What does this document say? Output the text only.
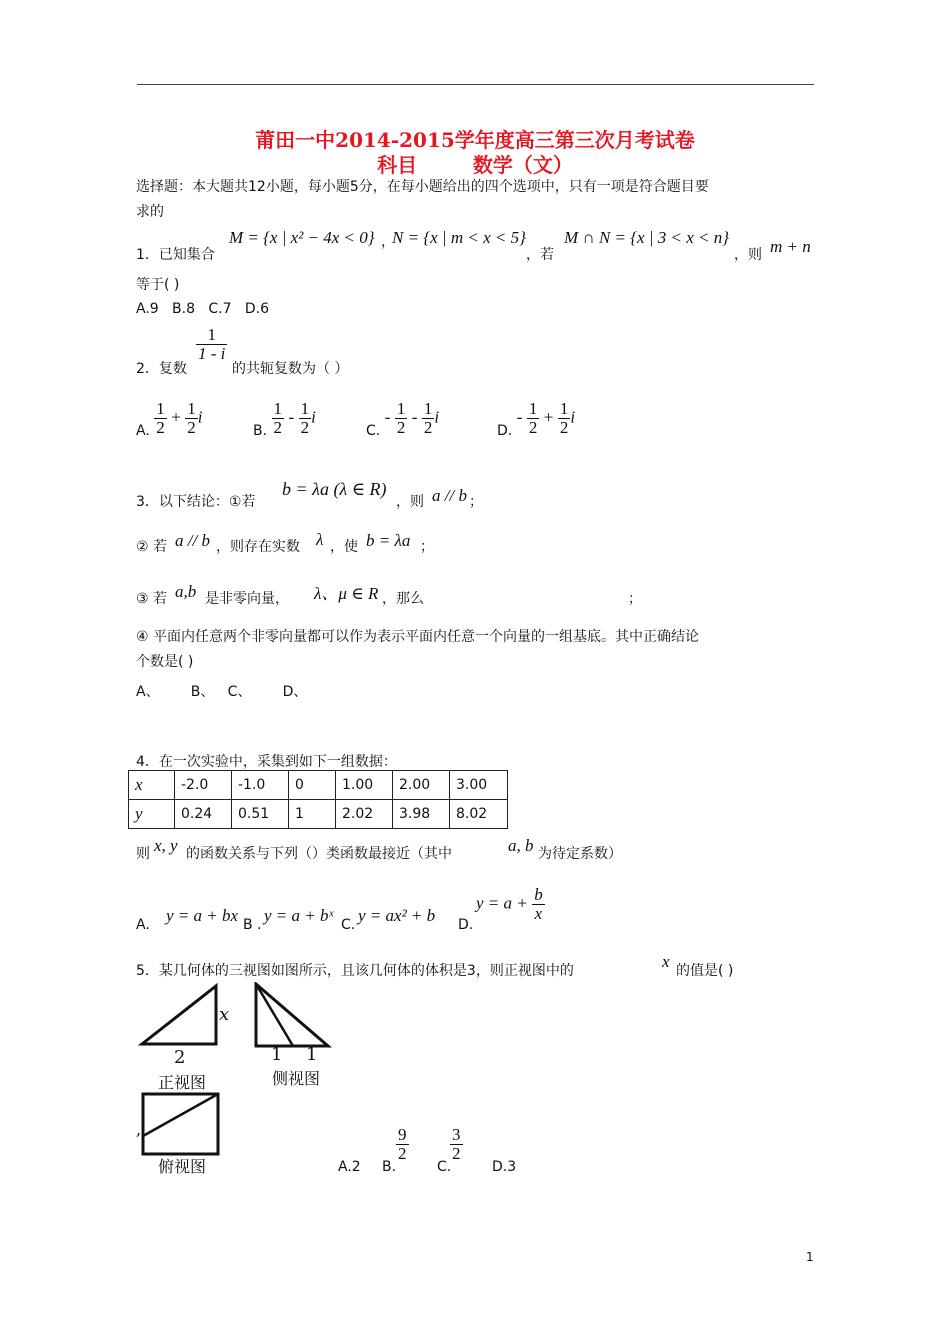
莆田一中2014-2015学年度高三第三次月考试卷
科目        数学（文）
选择题：本大题共12小题，每小题5分，在每小题给出的四个选项中，只有一项是符合题目要
求的
1．已知集合
M = {x | x² − 4x < 0} ，
N = {x | m < x < 5}
，若
M ∩ N = {x | 3 < x < n}
，则 m + n
等于( )
A.9   B.8   C.7   D.6
2．复数
$\frac{1}{1 - i}$
的共轭复数为（ ）
A. $\frac{1}{2} + \frac{1}{2}$ i
B. $\frac{1}{2} - \frac{1}{2}$ i
C. - $\frac{1}{2} - \frac{1}{2}$ i
D. - $\frac{1}{2} + \frac{1}{2}$ i
3．以下结论：①若
b = λa (λ ∈ R)
，则 a // b ；
② 若 a // b ，则存在实数 λ ，使 b = λa ；
③ 若 a,b 是非零向量， λ、μ ∈ R ，那么	；
④ 平面内任意两个非零向量都可以作为表示平面内任意一个向量的一组基底。其中正确结论
个数是( )
A、       B、   C、       D、
4．在一次实验中，采集到如下一组数据：
x	-2.0	-1.0	0	1.00	2.00	3.00
y	0.24	0.51	1	2.02	3.98	8.02
则 x, y 的函数关系与下列（）类函数最接近（其中	a, b 为待定系数）
A. y = a + bx B . y = a + bˣ C. y = ax² + b D.
$y = a + \frac{b}{x}$
5．某几何体的三视图如图所示，且该几何体的体积是3，则正视图中的	x 的值是( )
x
2
正视图
1 1
侧视图
,
俯视图	A.2 B.
$\frac{9}{2}$
C.
$\frac{3}{2}$
D.3
1
